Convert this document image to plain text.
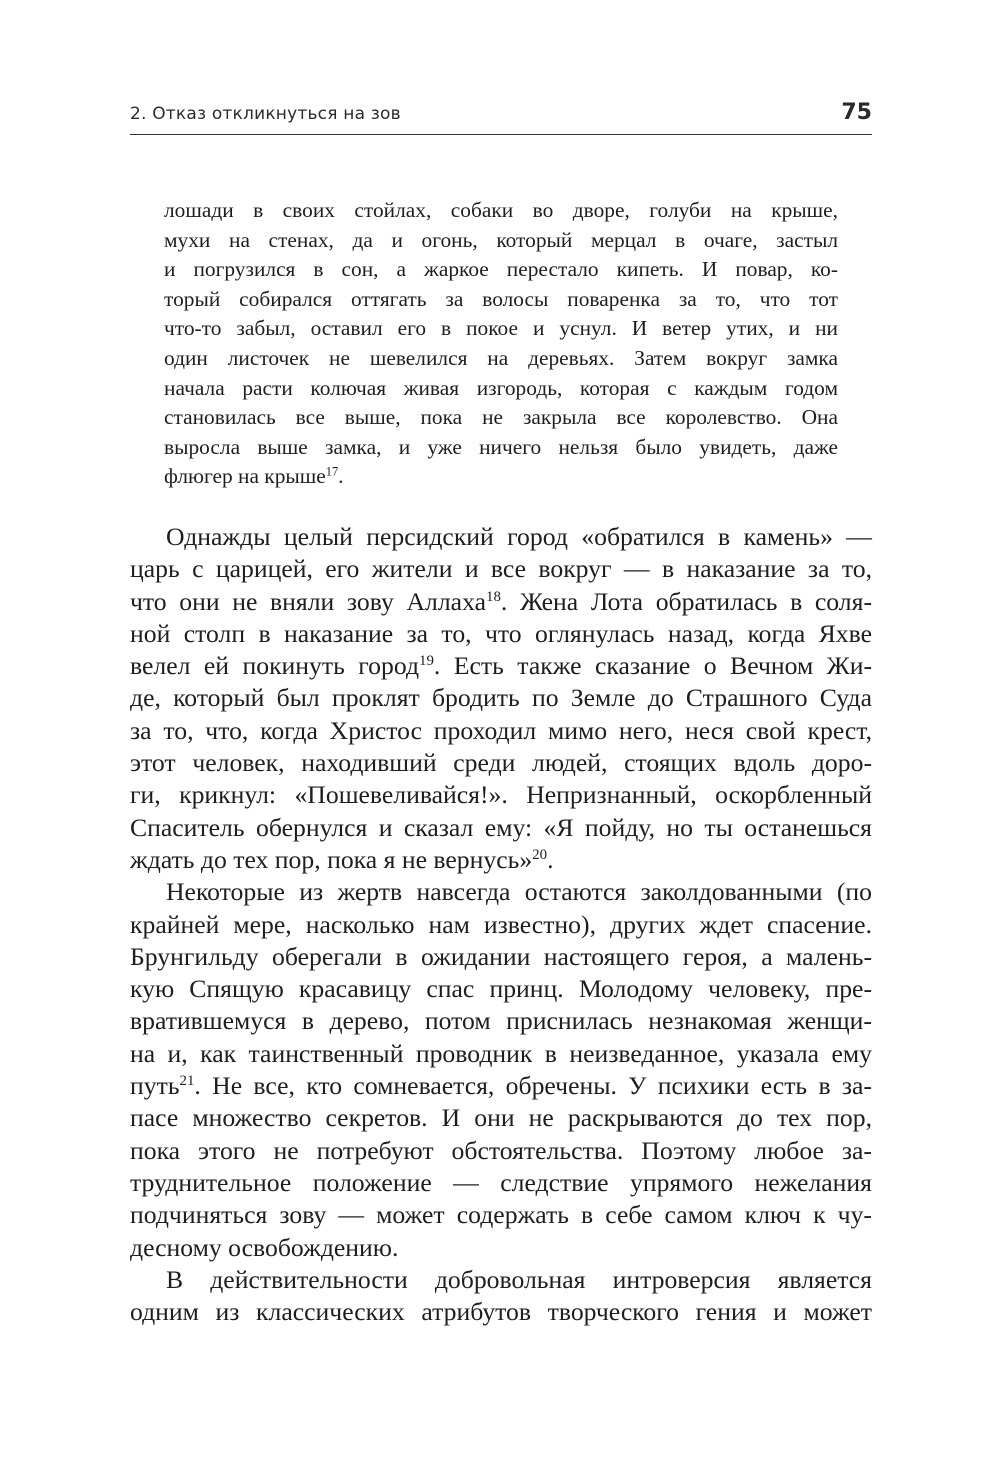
2. Отказ откликнуться на зов	75
лошади в своих стойлах, собаки во дворе, голуби на крыше,
мухи на стенах, да и огонь, который мерцал в очаге, застыл
и погрузился в сон, а жаркое перестало кипеть. И повар, ко-
торый собирался оттягать за волосы поваренка за то, что тот
что-то забыл, оставил его в покое и уснул. И ветер утих, и ни
один листочек не шевелился на деревьях. Затем вокруг замка
начала расти колючая живая изгородь, которая с каждым годом
становилась все выше, пока не закрыла все королевство. Она
выросла выше замка, и уже ничего нельзя было увидеть, даже
флюгер на крыше$^{17}$.
Однажды целый персидский город «обратился в камень» —
царь с царицей, его жители и все вокруг — в наказание за то,
что они не вняли зову Аллаха$^{18}$. Жена Лота обратилась в соля-
ной столп в наказание за то, что оглянулась назад, когда Яхве
велел ей покинуть город$^{19}$. Есть также сказание о Вечном Жи-
де, который был проклят бродить по Земле до Страшного Суда
за то, что, когда Христос проходил мимо него, неся свой крест,
этот человек, находивший среди людей, стоящих вдоль доро-
ги, крикнул: «Пошевеливайся!». Непризнанный, оскорбленный
Спаситель обернулся и сказал ему: «Я пойду, но ты останешься
ждать до тех пор, пока я не вернусь»$^{20}$.
Некоторые из жертв навсегда остаются заколдованными (по
крайней мере, насколько нам известно), других ждет спасение.
Брунгильду оберегали в ожидании настоящего героя, а малень-
кую Спящую красавицу спас принц. Молодому человеку, пре-
вратившемуся в дерево, потом приснилась незнакомая женщи-
на и, как таинственный проводник в неизведанное, указала ему
путь$^{21}$. Не все, кто сомневается, обречены. У психики есть в за-
пасе множество секретов. И они не раскрываются до тех пор,
пока этого не потребуют обстоятельства. Поэтому любое за-
труднительное положение — следствие упрямого нежелания
подчиняться зову — может содержать в себе самом ключ к чу-
десному освобождению.
В действительности добровольная интроверсия является
одним из классических атрибутов творческого гения и может
